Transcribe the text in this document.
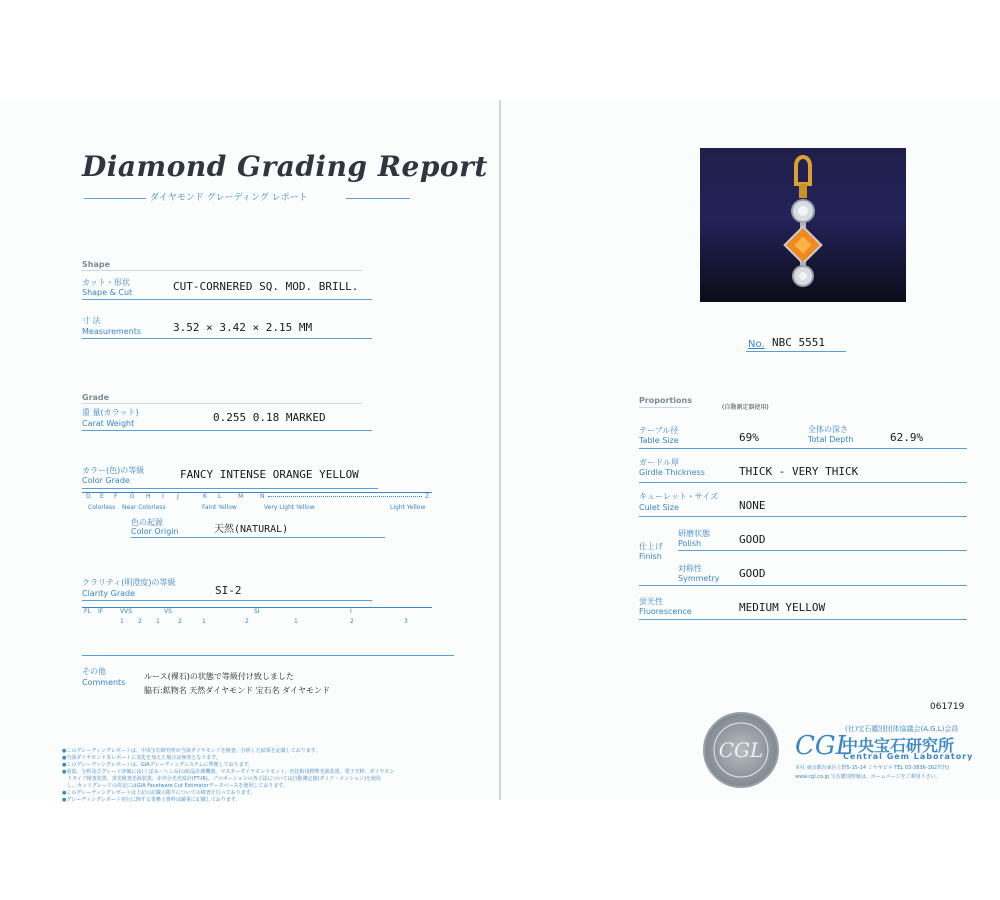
Diamond Grading Report
ダイヤモンド グレーディング レポート
Shape
カット・形状
Shape & Cut	CUT-CORNERED SQ. MOD. BRILL.
寸 法
Measurements	3.52 × 3.42 × 2.15 MM
Grade
重 量(カラット)
Carat Weight	0.255 0.18 MARKED
カラー(色)の等級
Color Grade	FANCY INTENSE ORANGE YELLOW
D E F G H I J	K L	M	N	Z
Colorless Near Colorless	Faint Yellow	Very Light Yellow	Light Yellow
色の起源
Color Origin	天然(NATURAL)
クラリティ(明澄度)の等級
Clarity Grade	SI-2
FL IF	VVS	VS	SI	I
1 2 1	2	1	2	1	2	3
その他
Comments
ルース(裸石)の状態で等級付け致しました
脇石:鉱物名 天然ダイヤモンド 宝石名 ダイヤモンド
●このグレーディングレポートは、中央宝石研究所が当該ダイヤモンドを検査、分析した結果を記載しております。
●当該ダイヤモンド本レポートに変化を加えた場合は無効となります。
●このグレーディングレポートは、GIAグレーディングシステムに準拠しております。
●重量、分析及びグレード評価には(くぼみ・へこみ)の結晶計測機器、マスターダイヤモンドセット、色比較用標準光源装置、電子天秤、ダイヤモン
　ドタイプ検査装置、蛍光検査光源装置、赤外分光光度計(FT-IR)、プロポーションの各寸法については自動測定器(ダイア・メンション)を使用
　し、カットグレードの決定にはGIA Facetware Cut Estimatorデータベースを使用しております。
●このグレーディングレポートは上記の記載の限りについての検査を行っております。
●グレーディングレポート発行に関する業務上資料は厳重に記載しております。
No. NBC 5551
Proportions
(自動測定器使用)
テーブル径
Table Size	69%
全体の深さ
Total Depth	62.9%
ガードル厚
Girdle Thickness	THICK - VERY THICK
キューレット・サイズ
Culet Size	NONE
仕上げ
Finish
研磨状態
Polish	GOOD
対称性
Symmetry GOOD
蛍光性
Fluorescence	MEDIUM YELLOW
061719
CGL CGL
(社)宝石鑑別団体協議会(A.G.L)会員
中央宝石研究所
Central Gem Laboratory
本社 東京都台東区上野5-15-14 ミヤギビル TEL 03-3836-1627(代)
www.cgl.co.jp 宝石鑑別情報は、ホームページをご利用下さい。
